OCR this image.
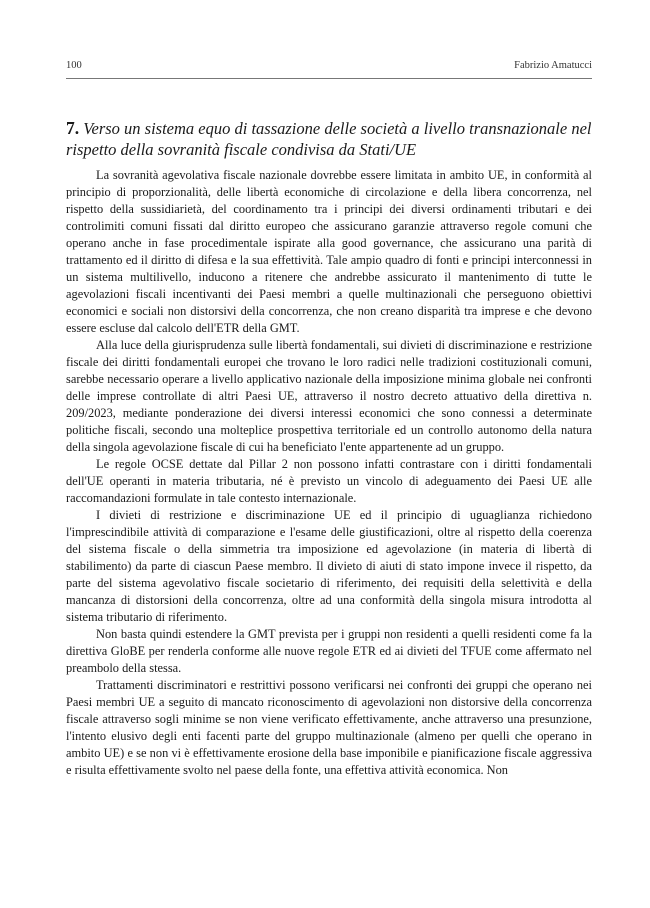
100	Fabrizio Amatucci
7. Verso un sistema equo di tassazione delle società a livello transnazionale nel rispetto della sovranità fiscale condivisa da Stati/UE

La sovranità agevolativa fiscale nazionale dovrebbe essere limitata in ambito UE, in conformità al principio di proporzionalità, delle libertà economiche di circolazione e della libera concorrenza, nel rispetto della sussidiarietà, del coordinamento tra i principi dei diversi ordinamenti tributari e dei controlimiti comuni fissati dal diritto europeo che assicurano garanzie attraverso regole comuni che operano anche in fase procedimentale ispirate alla good governance, che assicurano una parità di trattamento ed il diritto di difesa e la sua effettività. Tale ampio quadro di fonti e principi interconnessi in un sistema multilivello, inducono a ritenere che andrebbe assicurato il mantenimento di tutte le agevolazioni fiscali incentivanti dei Paesi membri a quelle multinazionali che perseguono obiettivi economici e sociali non distorsivi della concorrenza, che non creano disparità tra imprese e che devono essere escluse dal calcolo dell'ETR della GMT.

Alla luce della giurisprudenza sulle libertà fondamentali, sui divieti di discriminazione e restrizione fiscale dei diritti fondamentali europei che trovano le loro radici nelle tradizioni costituzionali comuni, sarebbe necessario operare a livello applicativo nazionale della imposizione minima globale nei confronti delle imprese controllate di altri Paesi UE, attraverso il nostro decreto attuativo della direttiva n. 209/2023, mediante ponderazione dei diversi interessi economici che sono connessi a determinate politiche fiscali, secondo una molteplice prospettiva territoriale ed un controllo autonomo della natura della singola agevolazione fiscale di cui ha beneficiato l'ente appartenente ad un gruppo.

Le regole OCSE dettate dal Pillar 2 non possono infatti contrastare con i diritti fondamentali dell'UE operanti in materia tributaria, né è previsto un vincolo di adeguamento dei Paesi UE alle raccomandazioni formulate in tale contesto internazionale.

I divieti di restrizione e discriminazione UE ed il principio di uguaglianza richiedono l'imprescindibile attività di comparazione e l'esame delle giustificazioni, oltre al rispetto della coerenza del sistema fiscale o della simmetria tra imposizione ed agevolazione (in materia di libertà di stabilimento) da parte di ciascun Paese membro. Il divieto di aiuti di stato impone invece il rispetto, da parte del sistema agevolativo fiscale societario di riferimento, dei requisiti della selettività e della mancanza di distorsioni della concorrenza, oltre ad una conformità della singola misura introdotta al sistema tributario di riferimento.

Non basta quindi estendere la GMT prevista per i gruppi non residenti a quelli residenti come fa la direttiva GloBE per renderla conforme alle nuove regole ETR ed ai divieti del TFUE come affermato nel preambolo della stessa.

Trattamenti discriminatori e restrittivi possono verificarsi nei confronti dei gruppi che operano nei Paesi membri UE a seguito di mancato riconoscimento di agevolazioni non distorsive della concorrenza fiscale attraverso sogli minime se non viene verificato effettivamente, anche attraverso una presunzione, l'intento elusivo degli enti facenti parte del gruppo multinazionale (almeno per quelli che operano in ambito UE) e se non vi è effettivamente erosione della base imponibile e pianificazione fiscale aggressiva e risulta effettivamente svolto nel paese della fonte, una effettiva attività economica. Non
